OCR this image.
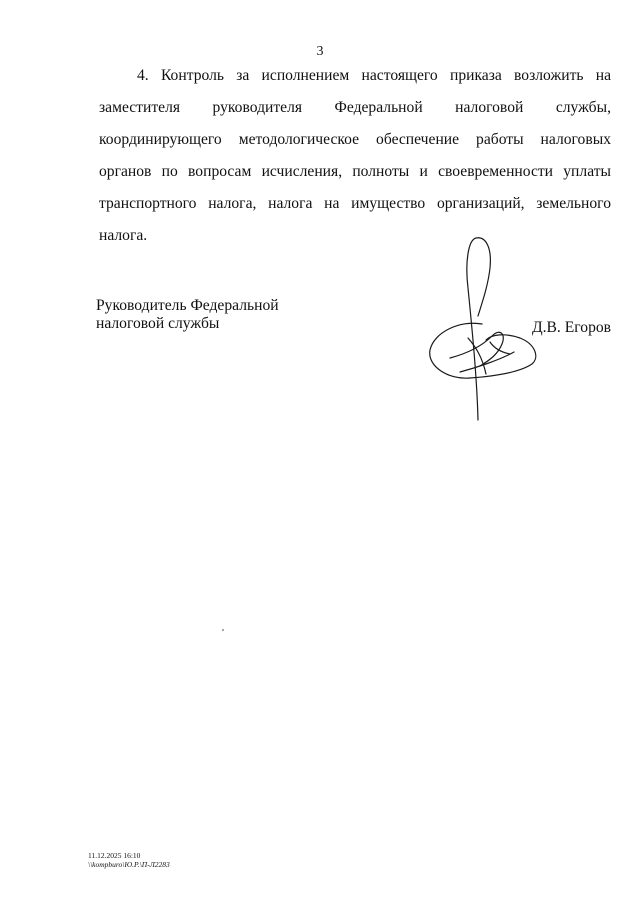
3

4. Контроль за исполнением настоящего приказа возложить на заместителя руководителя Федеральной налоговой службы, координирующего методологическое обеспечение работы налоговых органов по вопросам исчисления, полноты и своевременности уплаты транспортного налога, налога на имущество организаций, земельного налога.

Руководитель Федеральной
налоговой службы	Д.В. Егоров
11.12.2025 16:10
\\kompburo\Ю.Р.\П-Л2283
